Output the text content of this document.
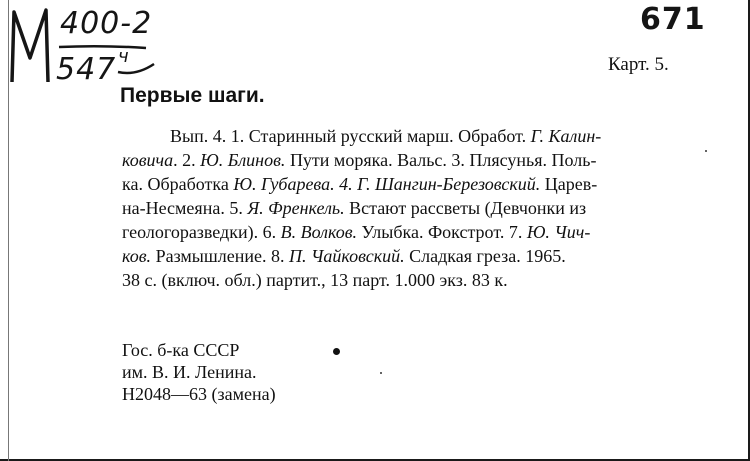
400-2
547 ч
671
Карт. 5.
Первые шаги.
Вып. 4. 1. Старинный русский марш. Обработ. Г. Калин-
ковича. 2. Ю. Блинов. Пути моряка. Вальс. 3. Плясунья. Поль-
ка. Обработка Ю. Губарева. 4. Г. Шангин-Березовский. Царев-
на-Несмеяна. 5. Я. Френкель. Встают рассветы (Девчонки из
геологоразведки). 6. В. Волков. Улыбка. Фокстрот. 7. Ю. Чич-
ков. Размышление. 8. П. Чайковский. Сладкая греза. 1965.
38 с. (включ. обл.) партит., 13 парт. 1.000 экз. 83 к.
Гос. б-ка СССР
им. В. И. Ленина.
Н2048—63 (замена)
